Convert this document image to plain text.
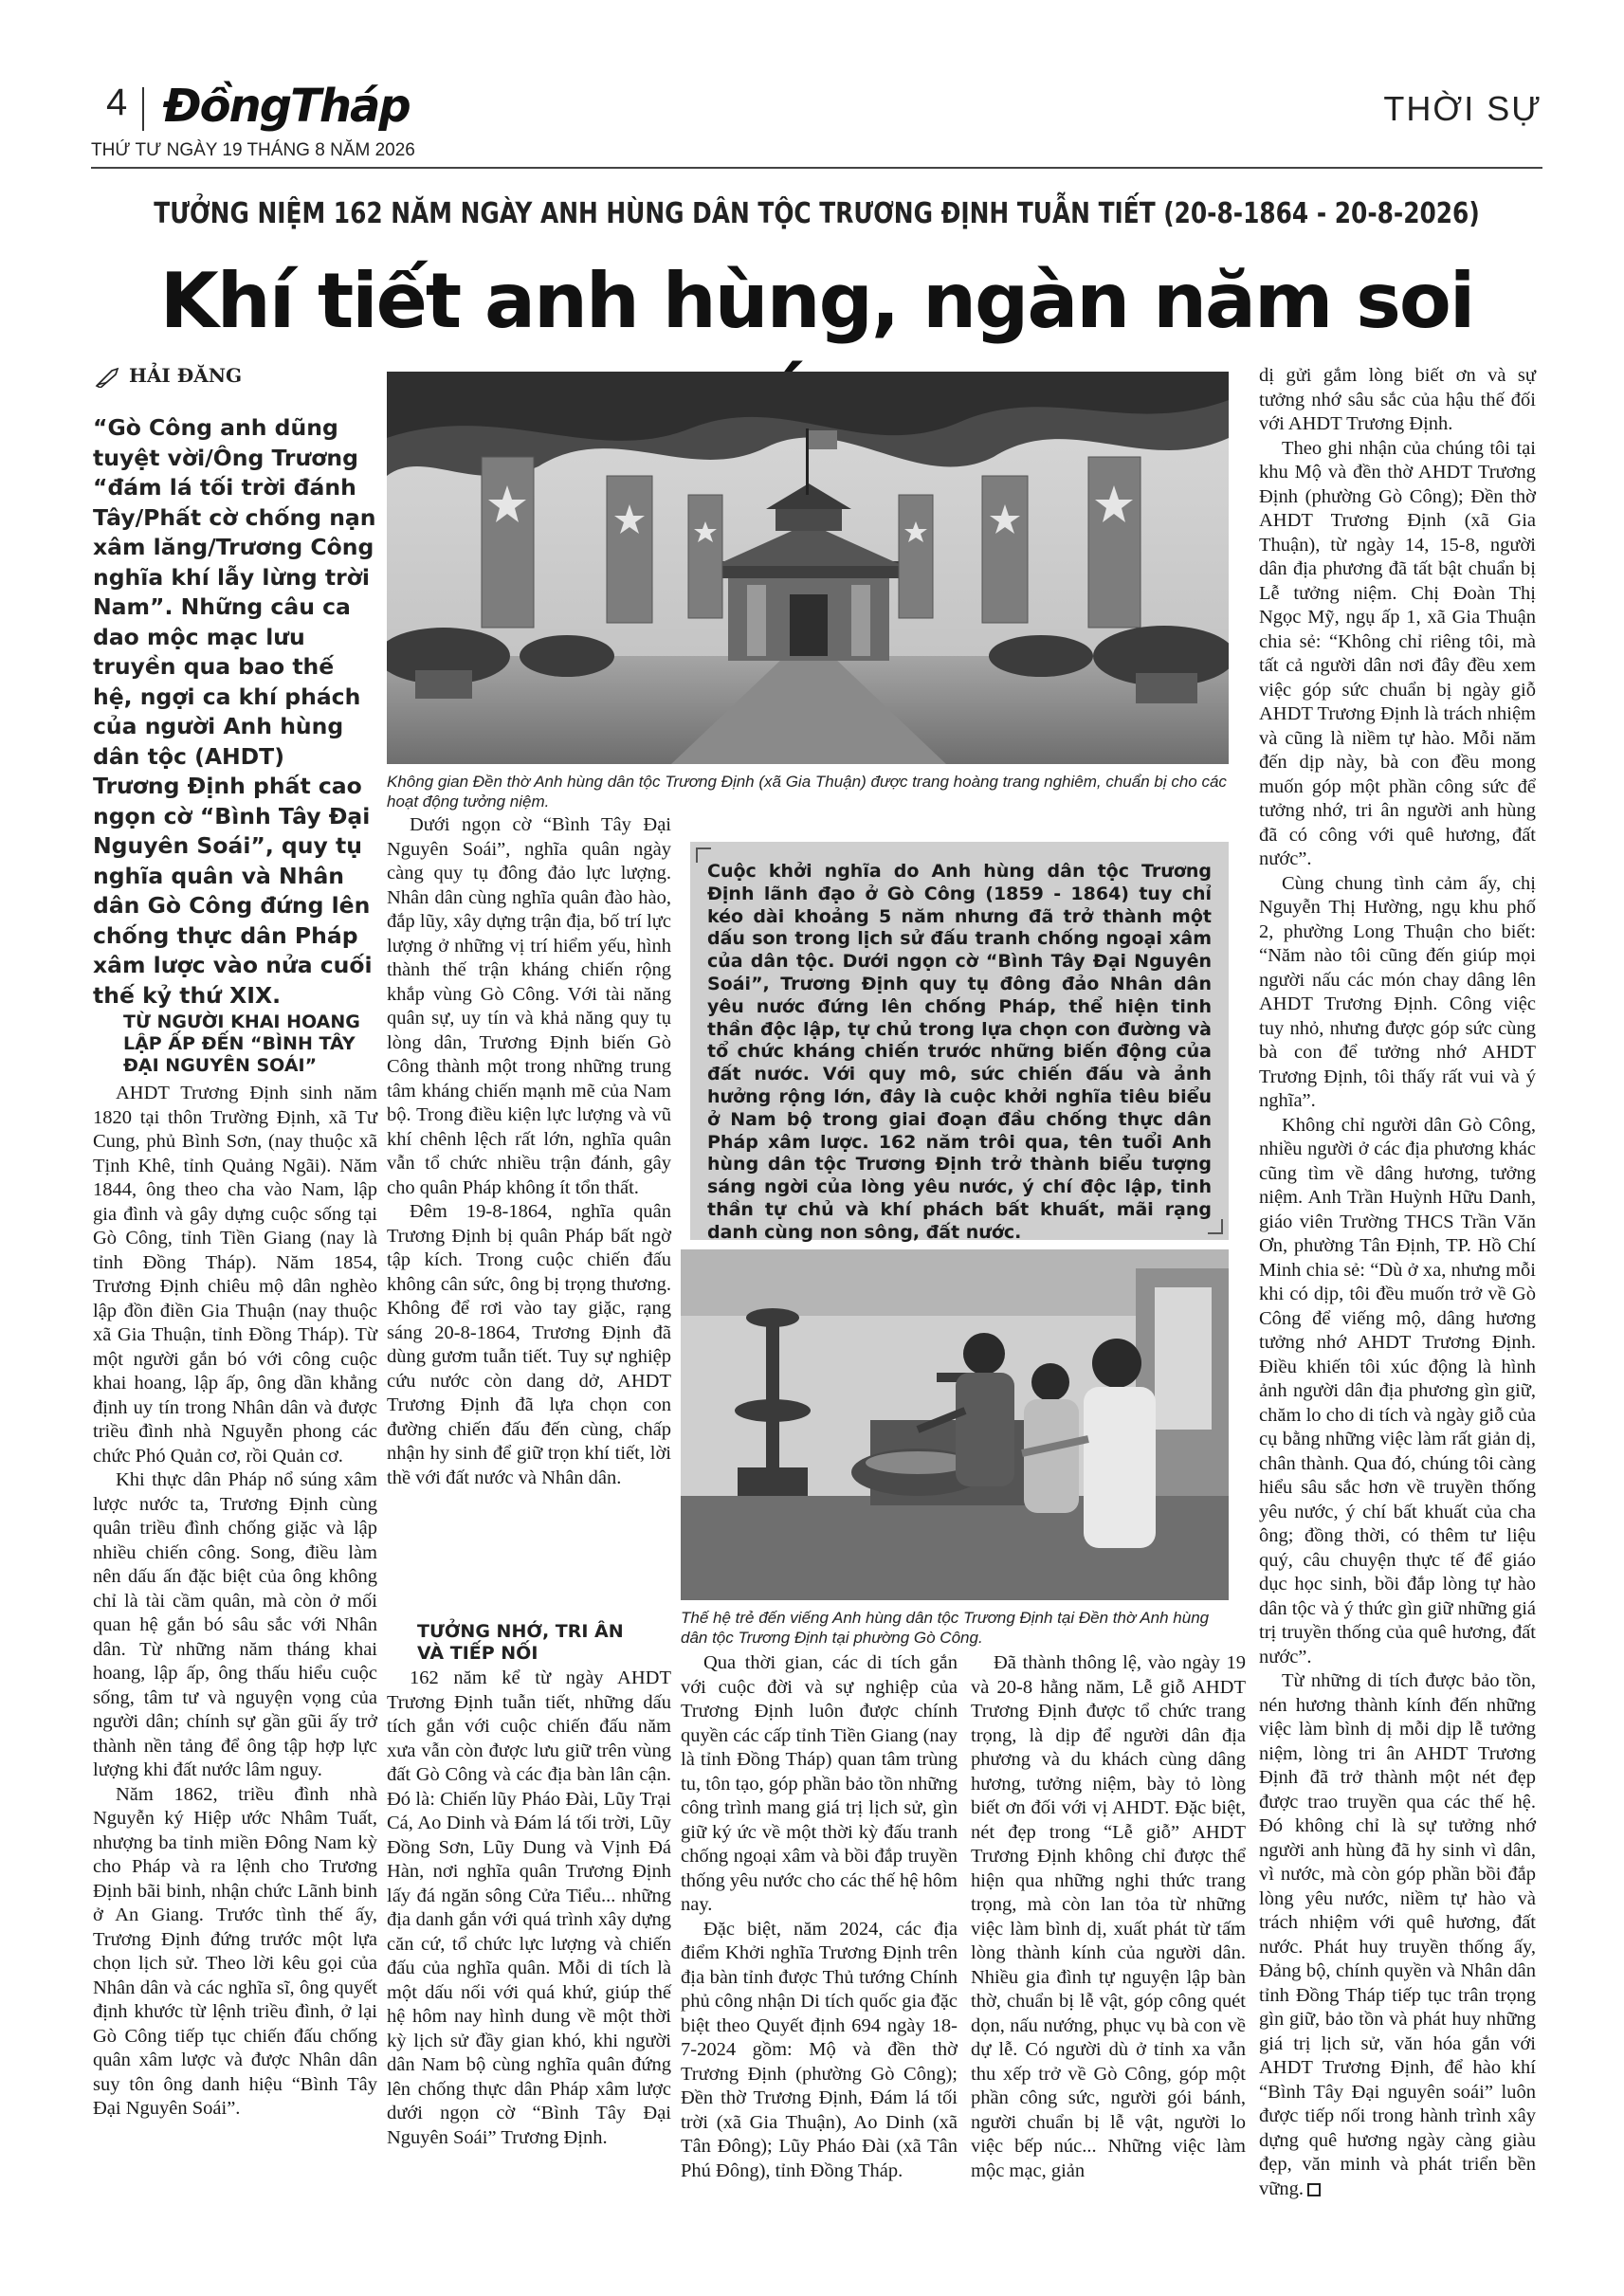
4 ĐồngTháp	THỜI SỰ
THỨ TƯ NGÀY 19 THÁNG 8 NĂM 2026
TƯỞNG NIỆM 162 NĂM NGÀY ANH HÙNG DÂN TỘC TRƯƠNG ĐỊNH TUẪN TIẾT (20-8-1864 - 20-8-2026)
Khí tiết anh hùng, ngàn năm soi
HẢI ĐĂNG
“Gò Công anh dũng tuyệt vời/Ông Trương “đám lá tối trời đánh Tây/Phất cờ chống nạn xâm lăng/Trương Công nghĩa khí lẫy lừng trời Nam”. Những câu ca dao mộc mạc lưu truyền qua bao thế hệ, ngợi ca khí phách của người Anh hùng dân tộc (AHDT) Trương Định phất cao ngọn cờ “Bình Tây Đại Nguyên Soái”, quy tụ nghĩa quân và Nhân dân Gò Công đứng lên chống thực dân Pháp xâm lược vào nửa cuối thế kỷ thứ XIX.
TỪ NGƯỜI KHAI HOANG LẬP ẤP ĐẾN “BÌNH TÂY ĐẠI NGUYÊN SOÁI”

AHDT Trương Định sinh năm 1820 tại thôn Trường Định, xã Tư Cung, phủ Bình Sơn, (nay thuộc xã Tịnh Khê, tỉnh Quảng Ngãi). Năm 1844, ông theo cha vào Nam, lập gia đình và gây dựng cuộc sống tại Gò Công, tỉnh Tiền Giang (nay là tỉnh Đồng Tháp). Năm 1854, Trương Định chiêu mộ dân nghèo lập đồn điền Gia Thuận (nay thuộc xã Gia Thuận, tỉnh Đồng Tháp). Từ một người gắn bó với công cuộc khai hoang, lập ấp, ông dần khẳng định uy tín trong Nhân dân và được triều đình nhà Nguyễn phong các chức Phó Quản cơ, rồi Quản cơ.

Khi thực dân Pháp nổ súng xâm lược nước ta, Trương Định cùng quân triều đình chống giặc và lập nhiều chiến công. Song, điều làm nên dấu ấn đặc biệt của ông không chỉ là tài cầm quân, mà còn ở mối quan hệ gắn bó sâu sắc với Nhân dân. Từ những năm tháng khai hoang, lập ấp, ông thấu hiểu cuộc sống, tâm tư và nguyện vọng của người dân; chính sự gần gũi ấy trở thành nền tảng để ông tập hợp lực lượng khi đất nước lâm nguy.

Năm 1862, triều đình nhà Nguyễn ký Hiệp ước Nhâm Tuất, nhượng ba tỉnh miền Đông Nam kỳ cho Pháp và ra lệnh cho Trương Định bãi binh, nhận chức Lãnh binh ở An Giang. Trước tình thế ấy, Trương Định đứng trước một lựa chọn lịch sử. Theo lời kêu gọi của Nhân dân và các nghĩa sĩ, ông quyết định khước từ lệnh triều đình, ở lại Gò Công tiếp tục chiến đấu chống quân xâm lược và được Nhân dân suy tôn ông danh hiệu “Bình Tây Đại Nguyên Soái”.

Không gian Đền thờ Anh hùng dân tộc Trương Định (xã Gia Thuận) được trang hoàng trang nghiêm, chuẩn bị cho các hoạt động tưởng niệm.

Dưới ngọn cờ “Bình Tây Đại Nguyên Soái”, nghĩa quân ngày càng quy tụ đông đảo lực lượng. Nhân dân cùng nghĩa quân đào hào, đắp lũy, xây dựng trận địa, bố trí lực lượng ở những vị trí hiểm yếu, hình thành thế trận kháng chiến rộng khắp vùng Gò Công. Với tài năng quân sự, uy tín và khả năng quy tụ lòng dân, Trương Định biến Gò Công thành một trong những trung tâm kháng chiến mạnh mẽ của Nam bộ. Trong điều kiện lực lượng và vũ khí chênh lệch rất lớn, nghĩa quân vẫn tổ chức nhiều trận đánh, gây cho quân Pháp không ít tổn thất.

Đêm 19-8-1864, nghĩa quân Trương Định bị quân Pháp bất ngờ tập kích. Trong cuộc chiến đấu không cân sức, ông bị trọng thương. Không để rơi vào tay giặc, rạng sáng 20-8-1864, Trương Định đã dùng gươm tuẫn tiết. Tuy sự nghiệp cứu nước còn dang dở, AHDT Trương Định đã lựa chọn con đường chiến đấu đến cùng, chấp nhận hy sinh để giữ trọn khí tiết, lời thề với đất nước và Nhân dân.

TƯỞNG NHỚ, TRI ÂN VÀ TIẾP NỐI

162 năm kể từ ngày AHDT Trương Định tuẫn tiết, những dấu tích gắn với cuộc chiến đấu năm xưa vẫn còn được lưu giữ trên vùng đất Gò Công và các địa bàn lân cận. Đó là: Chiến lũy Pháo Đài, Lũy Trại Cá, Ao Dinh và Đám lá tối trời, Lũy Đồng Sơn, Lũy Dung và Vịnh Đá Hàn, nơi nghĩa quân Trương Định lấy đá ngăn sông Cửa Tiểu... những địa danh gắn với quá trình xây dựng căn cứ, tổ chức lực lượng và chiến đấu của nghĩa quân. Mỗi di tích là một dấu nối với quá khứ, giúp thế hệ hôm nay hình dung về một thời kỳ lịch sử đầy gian khó, khi người dân Nam bộ cùng nghĩa quân đứng lên chống thực dân Pháp xâm lược dưới ngọn cờ “Bình Tây Đại Nguyên Soái” Trương Định.

Cuộc khởi nghĩa do Anh hùng dân tộc Trương Định lãnh đạo ở Gò Công (1859 - 1864) tuy chỉ kéo dài khoảng 5 năm nhưng đã trở thành một dấu son trong lịch sử đấu tranh chống ngoại xâm của dân tộc. Dưới ngọn cờ “Bình Tây Đại Nguyên Soái”, Trương Định quy tụ đông đảo Nhân dân yêu nước đứng lên chống Pháp, thể hiện tinh thần độc lập, tự chủ trong lựa chọn con đường và tổ chức kháng chiến trước những biến động của đất nước. Với quy mô, sức chiến đấu và ảnh hưởng rộng lớn, đây là cuộc khởi nghĩa tiêu biểu ở Nam bộ trong giai đoạn đầu chống thực dân Pháp xâm lược. 162 năm trôi qua, tên tuổi Anh hùng dân tộc Trương Định trở thành biểu tượng sáng ngời của lòng yêu nước, ý chí độc lập, tinh thần tự chủ và khí phách bất khuất, mãi rạng danh cùng non sông, đất nước.
Thế hệ trẻ đến viếng Anh hùng dân tộc Trương Định tại Đền thờ Anh hùng dân tộc Trương Định tại phường Gò Công.

Qua thời gian, các di tích gắn với cuộc đời và sự nghiệp của Trương Định luôn được chính quyền các cấp tỉnh Tiền Giang (nay là tỉnh Đồng Tháp) quan tâm trùng tu, tôn tạo, góp phần bảo tồn những công trình mang giá trị lịch sử, gìn giữ ký ức về một thời kỳ đấu tranh chống ngoại xâm và bồi đắp truyền thống yêu nước cho các thế hệ hôm nay.

Đặc biệt, năm 2024, các địa điểm Khởi nghĩa Trương Định trên địa bàn tỉnh được Thủ tướng Chính phủ công nhận Di tích quốc gia đặc biệt theo Quyết định 694 ngày 18-7-2024 gồm: Mộ và đền thờ Trương Định (phường Gò Công); Đền thờ Trương Định, Đám lá tối trời (xã Gia Thuận), Ao Dinh (xã Tân Đông); Lũy Pháo Đài (xã Tân Phú Đông), tỉnh Đồng Tháp.

Đã thành thông lệ, vào ngày 19 và 20-8 hằng năm, Lễ giỗ AHDT Trương Định được tổ chức trang trọng, là dịp để người dân địa phương và du khách cùng dâng hương, tưởng niệm, bày tỏ lòng biết ơn đối với vị AHDT. Đặc biệt, nét đẹp trong “Lễ giỗ” AHDT Trương Định không chỉ được thể hiện qua những nghi thức trang trọng, mà còn lan tỏa từ những việc làm bình dị, xuất phát từ tấm lòng thành kính của người dân. Nhiều gia đình tự nguyện lập bàn thờ, chuẩn bị lễ vật, góp công quét dọn, nấu nướng, phục vụ bà con về dự lễ. Có người dù ở tỉnh xa vẫn thu xếp trở về Gò Công, góp một phần công sức, người gói bánh, người chuẩn bị lễ vật, người lo việc bếp núc... Những việc làm mộc mạc, giản

dị gửi gắm lòng biết ơn và sự tưởng nhớ sâu sắc của hậu thế đối với AHDT Trương Định.

Theo ghi nhận của chúng tôi tại khu Mộ và đền thờ AHDT Trương Định (phường Gò Công); Đền thờ AHDT Trương Định (xã Gia Thuận), từ ngày 14, 15-8, người dân địa phương đã tất bật chuẩn bị Lễ tưởng niệm. Chị Đoàn Thị Ngọc Mỹ, ngụ ấp 1, xã Gia Thuận chia sẻ: “Không chỉ riêng tôi, mà tất cả người dân nơi đây đều xem việc góp sức chuẩn bị ngày giỗ AHDT Trương Định là trách nhiệm và cũng là niềm tự hào. Mỗi năm đến dịp này, bà con đều mong muốn góp một phần công sức để tưởng nhớ, tri ân người anh hùng đã có công với quê hương, đất nước”.

Cùng chung tình cảm ấy, chị Nguyễn Thị Hường, ngụ khu phố 2, phường Long Thuận cho biết: “Năm nào tôi cũng đến giúp mọi người nấu các món chay dâng lên AHDT Trương Định. Công việc tuy nhỏ, nhưng được góp sức cùng bà con để tưởng nhớ AHDT Trương Định, tôi thấy rất vui và ý nghĩa”.

Không chỉ người dân Gò Công, nhiều người ở các địa phương khác cũng tìm về dâng hương, tưởng niệm. Anh Trần Huỳnh Hữu Danh, giáo viên Trường THCS Trần Văn Ơn, phường Tân Định, TP. Hồ Chí Minh chia sẻ: “Dù ở xa, nhưng mỗi khi có dịp, tôi đều muốn trở về Gò Công để viếng mộ, dâng hương tưởng nhớ AHDT Trương Định. Điều khiến tôi xúc động là hình ảnh người dân địa phương gìn giữ, chăm lo cho di tích và ngày giỗ của cụ bằng những việc làm rất giản dị, chân thành. Qua đó, chúng tôi càng hiểu sâu sắc hơn về truyền thống yêu nước, ý chí bất khuất của cha ông; đồng thời, có thêm tư liệu quý, câu chuyện thực tế để giáo dục học sinh, bồi đắp lòng tự hào dân tộc và ý thức gìn giữ những giá trị truyền thống của quê hương, đất nước”.

Từ những di tích được bảo tồn, nén hương thành kính đến những việc làm bình dị mỗi dịp lễ tưởng niệm, lòng tri ân AHDT Trương Định đã trở thành một nét đẹp được trao truyền qua các thế hệ. Đó không chỉ là sự tưởng nhớ người anh hùng đã hy sinh vì dân, vì nước, mà còn góp phần bồi đắp lòng yêu nước, niềm tự hào và trách nhiệm với quê hương, đất nước. Phát huy truyền thống ấy, Đảng bộ, chính quyền và Nhân dân tỉnh Đồng Tháp tiếp tục trân trọng gìn giữ, bảo tồn và phát huy những giá trị lịch sử, văn hóa gắn với AHDT Trương Định, để hào khí “Bình Tây Đại nguyên soái” luôn được tiếp nối trong hành trình xây dựng quê hương ngày càng giàu đẹp, văn minh và phát triển bền vững.
